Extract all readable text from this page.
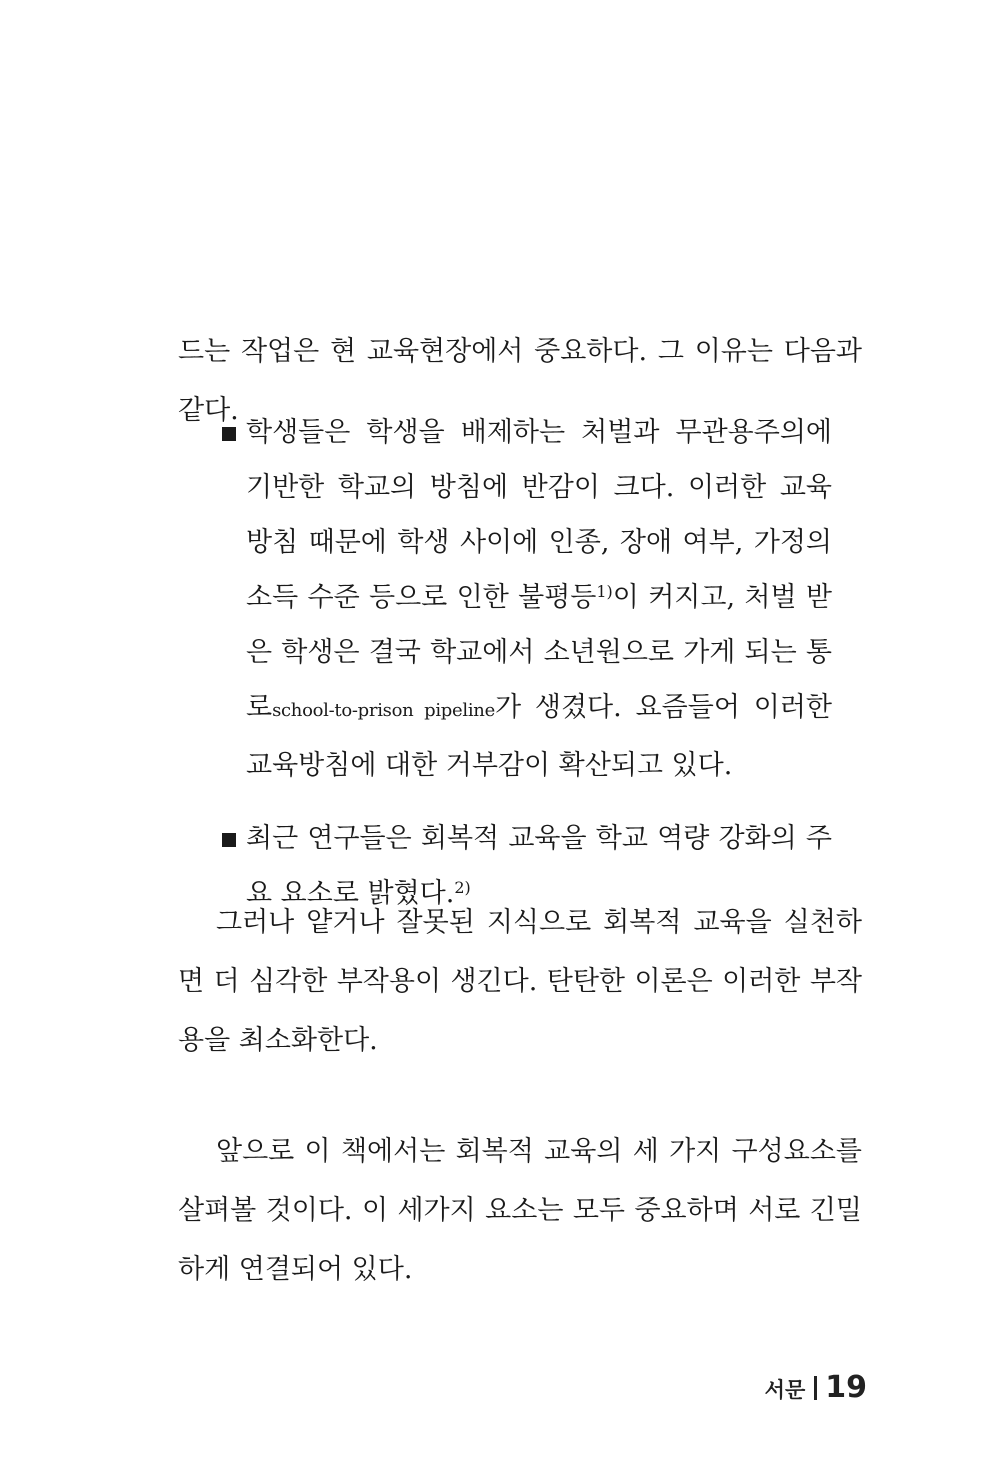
드는 작업은 현 교육현장에서 중요하다. 그 이유는 다음과 같다.

학생들은 학생을 배제하는 처벌과 무관용주의에 기반한 학교의 방침에 반감이 크다. 이러한 교육 방침 때문에 학생 사이에 인종, 장애 여부, 가정의 소득 수준 등으로 인한 불평등$^{1)}$이 커지고, 처벌 받은 학생은 결국 학교에서 소년원으로 가게 되는 통로school-to-prison pipeline가 생겼다. 요즘들어 이러한 교육방침에 대한 거부감이 확산되고 있다.
최근 연구들은 회복적 교육을 학교 역량 강화의 주요 요소로 밝혔다.$^{2)}$

그러나 얕거나 잘못된 지식으로 회복적 교육을 실천하면 더 심각한 부작용이 생긴다. 탄탄한 이론은 이러한 부작용을 최소화한다.

앞으로 이 책에서는 회복적 교육의 세 가지 구성요소를 살펴볼 것이다. 이 세가지 요소는 모두 중요하며 서로 긴밀하게 연결되어 있다.

서문 19
